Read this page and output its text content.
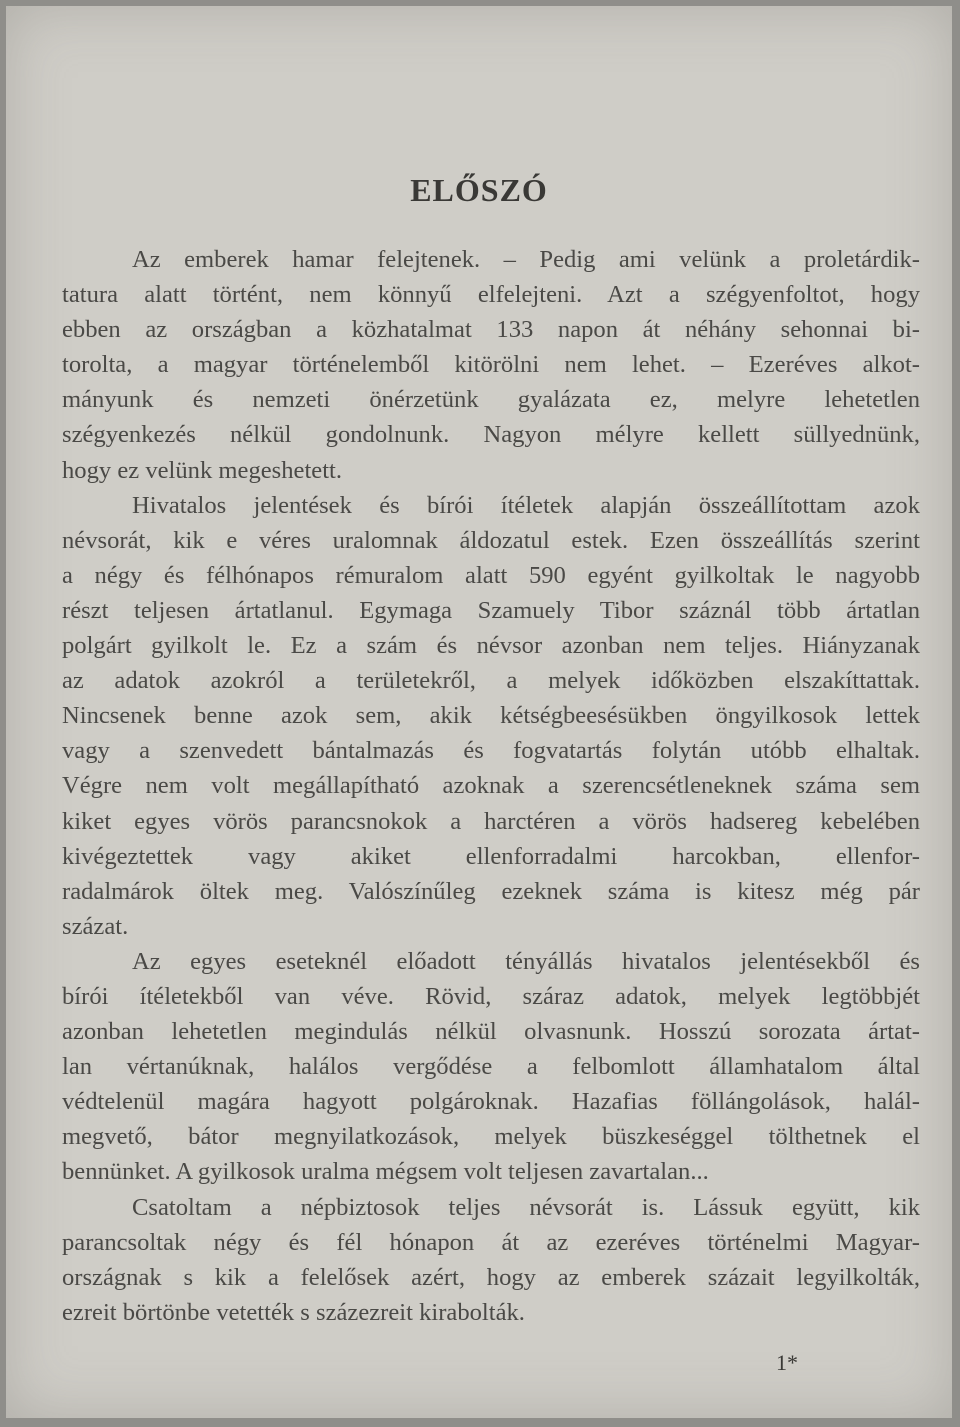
ELŐSZÓ
Az emberek hamar felejtenek. – Pedig ami velünk a proletárdik-
tatura alatt történt, nem könnyű elfelejteni. Azt a szégyenfoltot, hogy
ebben az országban a közhatalmat 133 napon át néhány sehonnai bi-
torolta, a magyar történelemből kitörölni nem lehet. – Ezeréves alkot-
mányunk és nemzeti önérzetünk gyalázata ez, melyre lehetetlen
szégyenkezés nélkül gondolnunk. Nagyon mélyre kellett süllyednünk,
hogy ez velünk megeshetett.
Hivatalos jelentések és bírói ítéletek alapján összeállítottam azok
névsorát, kik e véres uralomnak áldozatul estek. Ezen összeállítás szerint
a négy és félhónapos rémuralom alatt 590 egyént gyilkoltak le nagyobb
részt teljesen ártatlanul. Egymaga Szamuely Tibor száznál több ártatlan
polgárt gyilkolt le. Ez a szám és névsor azonban nem teljes. Hiányzanak
az adatok azokról a területekről, a melyek időközben elszakíttattak.
Nincsenek benne azok sem, akik kétségbeesésükben öngyilkosok lettek
vagy a szenvedett bántalmazás és fogvatartás folytán utóbb elhaltak.
Végre nem volt megállapítható azoknak a szerencsétleneknek száma sem
kiket egyes vörös parancsnokok a harctéren a vörös hadsereg kebelében
kivégeztettek vagy akiket ellenforradalmi harcokban, ellenfor-
radalmárok öltek meg. Valószínűleg ezeknek száma is kitesz még pár
százat.
Az egyes eseteknél előadott tényállás hivatalos jelentésekből és
bírói ítéletekből van véve. Rövid, száraz adatok, melyek legtöbbjét
azonban lehetetlen megindulás nélkül olvasnunk. Hosszú sorozata ártat-
lan vértanúknak, halálos vergődése a felbomlott államhatalom által
védtelenül magára hagyott polgároknak. Hazafias föllángolások, halál-
megvető, bátor megnyilatkozások, melyek büszkeséggel tölthetnek el
bennünket. A gyilkosok uralma mégsem volt teljesen zavartalan...
Csatoltam a népbiztosok teljes névsorát is. Lássuk együtt, kik
parancsoltak négy és fél hónapon át az ezeréves történelmi Magyar-
országnak s kik a felelősek azért, hogy az emberek százait legyilkolták,
ezreit börtönbe vetették s százezreit kirabolták.
1*
